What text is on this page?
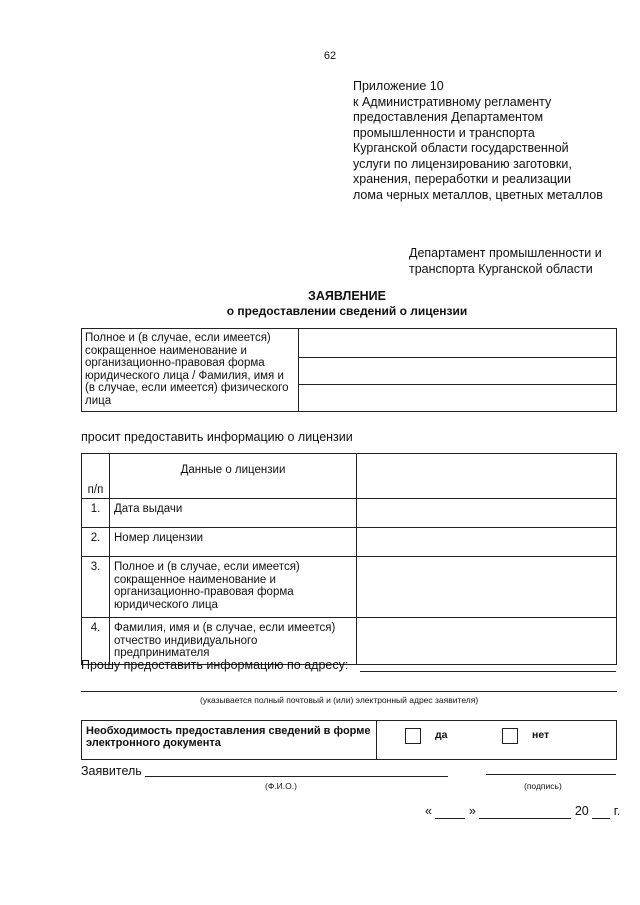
62
Приложение 10
к Административному регламенту
предоставления Департаментом
промышленности и транспорта
Курганской области государственной
услуги по лицензированию заготовки,
хранения, переработки и реализации
лома черных металлов, цветных металлов
Департамент промышленности и
транспорта Курганской области
ЗАЯВЛЕНИЕ
о предоставлении сведений о лицензии
Полное и (в случае, если имеется) сокращенное наименование и организационно-правовая форма юридического лица / Фамилия, имя и (в случае, если имеется) физического лица	

просит предоставить информацию о лицензии
п/п	Данные о лицензии	
1.	Дата выдачи	
2.	Номер лицензии	
3.	Полное и (в случае, если имеется) сокращенное наименование и организационно-правовая форма юридического лица	
4.	Фамилия, имя и (в случае, если имеется) отчество индивидуального предпринимателя	
Прошу предоставить информацию по адресу:
(указывается полный почтовый и (или) электронный адрес заявителя)
Необходимость предоставления сведений в форме электронного документа	
да	нет
Заявитель
(Ф.И.О.)	(подпись)
«	»	20 г.
